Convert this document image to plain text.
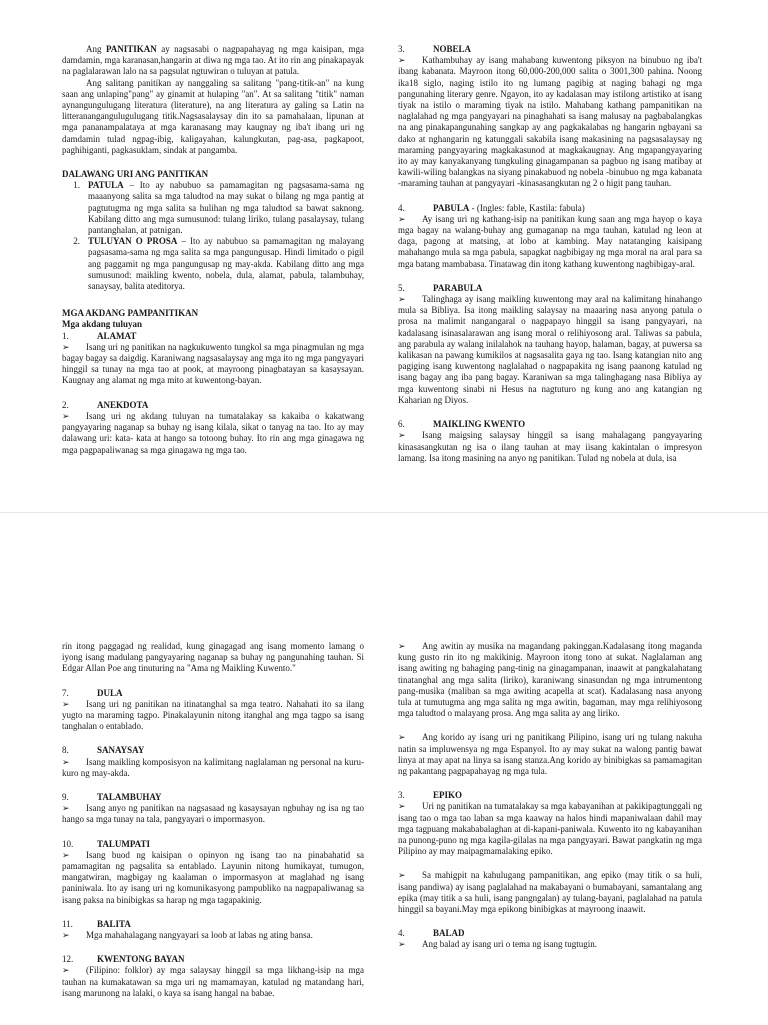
Ang PANITIKAN ay nagsasabi o nagpapahayag ng mga kaisipan, mga damdamin, mga karanasan,hangarin at diwa ng mga tao. At ito rin ang pinakapayak na paglalarawan lalo na sa pagsulat ngtuwiran o tuluyan at patula.

Ang salitang panitikan ay nanggaling sa salitang "pang-titik-an" na kung saan ang unlaping"pang" ay ginamit at hulaping "an". At sa salitang "titik" naman aynangungulugang literatura (literature), na ang literatura ay galing sa Latin na litteranangangulugulugang titik.Nagsasalaysay din ito sa pamahalaan, lipunan at mga pananampalataya at mga karanasang may kaugnay ng iba't ibang uri ng damdamin tulad ngpag-ibig, kaligayahan, kalungkutan, pag-asa, pagkapoot, paghihiganti, pagkasuklam, sindak at pangamba.

DALAWANG URI ANG PANITIKAN

1. PATULA – Ito ay nabubuo sa pamamagitan ng pagsasama-sama ng maaanyong salita sa mga taludtod na may sukat o bilang ng mga pantig at pagtutugma ng mga salita sa hulihan ng mga taludtod sa bawat saknong. Kabilang ditto ang mga sumusunod: tulang liriko, tulang pasalaysay, tulang pantanghalan, at patnigan.
2. TULUYAN O PROSA – Ito ay nabubuo sa pamamagitan ng malayang pagsasama-sama ng mga salita sa mga pangungusap. Hindi limitado o pigil ang paggamit ng mga pangungusap ng may-akda. Kabilang ditto ang mga sumusunod: maikling kwento, nobela, dula, alamat, pabula, talambuhay, sanaysay, balita ateditorya.

MGA AKDANG PAMPANITIKAN

Mga akdang tuluyan

1.	ALAMAT

➢ Isang uri ng panitikan na nagkukuwento tungkol sa mga pinagmulan ng mga bagay bagay sa daigdig. Karaniwang nagsasalaysay ang mga ito ng mga pangyayari hinggil sa tunay na mga tao at pook, at mayroong pinagbatayan sa kasaysayan. Kaugnay ang alamat ng mga mito at kuwentong-bayan.

2.	ANEKDOTA

➢ Isang uri ng akdang tuluyan na tumatalakay sa kakaiba o kakatwang pangyayaring naganap sa buhay ng isang kilala, sikat o tanyag na tao. Ito ay may dalawang uri: kata- kata at hango sa totoong buhay. Ito rin ang mga ginagawa ng mga pagpapaliwanag sa mga ginagawa ng mga tao.

3.	NOBELA

➢ Kathambuhay ay isang mahabang kuwentong piksyon na binubuo ng iba't ibang kabanata. Mayroon itong 60,000-200,000 salita o 3001,300 pahina. Noong ika18 siglo, naging istilo ito ng lumang pagibig at naging bahagi ng mga pangunahing literary genre. Ngayon, ito ay kadalasan may istilong artistiko at isang tiyak na istilo o maraming tiyak na istilo. Mahabang kathang pampanitikan na naglalahad ng mga pangyayari na pinaghahati sa isang malusay na pagbabalangkas na ang pinakapangunahing sangkap ay ang pagkakalabas ng hangarin ngbayani sa dako at nghangarin ng katunggali sakabila isang makasining na pagsasalaysay ng maraming pangyayaring magkakasunod at magkakaugnay. Ang mgapangyayaring ito ay may kanyakanyang tungkuling ginagampanan sa pagbuo ng isang matibay at kawili-wiling balangkas na siyang pinakabuod ng nobela -binubuo ng mga kabanata -maraming tauhan at pangyayari -kinasasangkutan ng 2 o higit pang tauhan.

4.	PABULA - (Ingles: fable, Kastila: fabula)

➢ Ay isang uri ng kathang-isip na panitikan kung saan ang mga hayop o kaya mga bagay na walang-buhay ang gumaganap na mga tauhan, katulad ng leon at daga, pagong at matsing, at lobo at kambing. May natatanging kaisipang mahahango mula sa mga pabula, sapagkat nagbibigay ng mga moral na aral para sa mga batang mambabasa. Tinatawag din itong kathang kuwentong nagbibigay-aral.

5.	PARABULA

➢ Talinghaga ay isang maikling kuwentong may aral na kalimitang hinahango mula sa Bibliya. Isa itong maikling salaysay na maaaring nasa anyong patula o prosa na malimit nangangaral o nagpapayo hinggil sa isang pangyayari, na kadalasang isinasalarawan ang isang moral o relihiyosong aral. Taliwas sa pabula, ang parabula ay walang inilalahok na tauhang hayop, halaman, bagay, at puwersa sa kalikasan na pawang kumikilos at nagsasalita gaya ng tao. Isang katangian nito ang pagiging isang kuwentong naglalahad o nagpapakita ng isang paanong katulad ng isang bagay ang iba pang bagay. Karaniwan sa mga talinghagang nasa Bibliya ay mga kuwentong sinabi ni Hesus na nagtuturo ng kung ano ang katangian ng Kaharian ng Diyos.

6.	MAIKLING KWENTO

➢ Isang maigsing salaysay hinggil sa isang mahalagang pangyayaring kinasasangkutan ng isa o ilang tauhan at may iisang kakintalan o impresyon lamang. Isa itong masining na anyo ng panitikan. Tulad ng nobela at dula, isa

rin itong paggagad ng realidad, kung ginagagad ang isang momento lamang o iyong isang madulang pangyayaring naganap sa buhay ng pangunahing tauhan. Si Edgar Allan Poe ang tinuturing na "Ama ng Maikling Kuwento."

7.	DULA

➢ Isang uri ng panitikan na itinatanghal sa mga teatro. Nahahati ito sa ilang yugto na maraming tagpo. Pinakalayunin nitong itanghal ang mga tagpo sa isang tanghalan o entablado.

8.	SANAYSAY

➢ Isang maikling komposisyon na kalimitang naglalaman ng personal na kuru-kuro ng may-akda.

9.	TALAMBUHAY

➢ Isang anyo ng panitikan na nagsasaad ng kasaysayan ngbuhay ng isa ng tao hango sa mga tunay na tala, pangyayari o impormasyon.

10.	TALUMPATI

➢ Isang buod ng kaisipan o opinyon ng isang tao na pinabahatid sa pamamagitan ng pagsalita sa entablado. Layunin nitong humikayat, tumugon, mangatwiran, magbigay ng kaalaman o impormasyon at maglahad ng isang paniniwala. Ito ay isang uri ng komunikasyong pampubliko na nagpapaliwanag sa isang paksa na binibigkas sa harap ng mga tagapakinig.

11.	BALITA

➢ Mga mahahalagang nangyayari sa loob at labas ng ating bansa.

12.	KWENTONG BAYAN

➢ (Filipino: folklor) ay mga salaysay hinggil sa mga likhang-isip na mga tauhan na kumakatawan sa mga uri ng mamamayan, katulad ng matandang hari, isang marunong na lalaki, o kaya sa isang hangal na babae.

➢ Ang awitin ay musika na magandang pakinggan.Kadalasang itong maganda kung gusto rin ito ng makikinig. Mayroon itong tono at sukat. Naglalaman ang isang awiting ng bahaging pang-tinig na ginagampanan, inaawit at pangkalahatang tinatanghal ang mga salita (liriko), karaniwang sinasundan ng mga intrumentong pang-musika (maliban sa mga awiting acapella at scat). Kadalasang nasa anyong tula at tumutugma ang mga salita ng mga awitin, bagaman, may mga relihiyosong mga taludtod o malayang prosa. Ang mga salita ay ang liriko.

➢ Ang korido ay isang uri ng panitikang Pilipino, isang uri ng tulang nakuha natin sa impluwensya ng mga Espanyol. Ito ay may sukat na walong pantig bawat linya at may apat na linya sa isang stanza.Ang korido ay binibigkas sa pamamagitan ng pakantang pagpapahayag ng mga tula.

3.	EPIKO

➢ Uri ng panitikan na tumatalakay sa mga kabayanihan at pakikipagtunggali ng isang tao o mga tao laban sa mga kaaway na halos hindi mapaniwalaan dahil may mga tagpuang makababalaghan at di-kapani-paniwala. Kuwento ito ng kabayanihan na punong-puno ng mga kagila-gilalas na mga pangyayari. Bawat pangkatin ng mga Pilipino ay may maipagmamalaking epiko.

➢ Sa mahigpit na kahulugang pampanitikan, ang epiko (may titik o sa huli, isang pandiwa) ay isang paglalahad na makabayani o bumabayani, samantalang ang epika (may titik a sa huli, isang pangngalan) ay tulang-bayani, paglalahad na patula hinggil sa bayani.May mga epikong binibigkas at mayroong inaawit.

4.	BALAD

➢ Ang balad ay isang uri o tema ng isang tugtugin.
